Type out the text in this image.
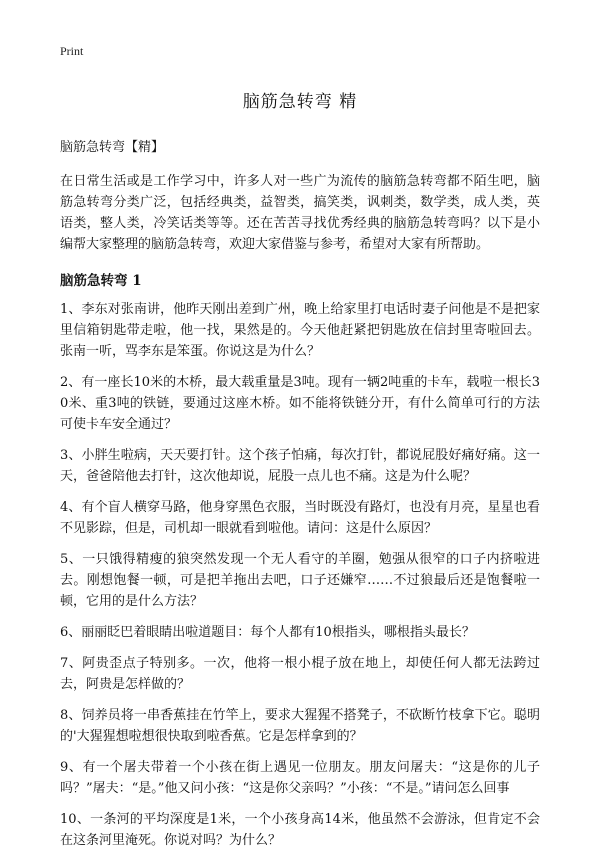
Print
脑筋急转弯 精
脑筋急转弯【精】

在日常生活或是工作学习中，许多人对一些广为流传的脑筋急转弯都不陌生吧，脑筋急转弯分类广泛，包括经典类，益智类，搞笑类，讽刺类，数学类，成人类，英语类，整人类，冷笑话类等等。还在苦苦寻找优秀经典的脑筋急转弯吗？以下是小编帮大家整理的脑筋急转弯，欢迎大家借鉴与参考，希望对大家有所帮助。

脑筋急转弯 1

1、李东对张南讲，他昨天刚出差到广州，晚上给家里打电话时妻子问他是不是把家里信箱钥匙带走啦，他一找，果然是的。今天他赶紧把钥匙放在信封里寄啦回去。张南一听，骂李东是笨蛋。你说这是为什么？

2、有一座长10米的木桥，最大载重量是3吨。现有一辆2吨重的卡车，载啦一根长30米、重3吨的铁链，要通过这座木桥。如不能将铁链分开，有什么简单可行的方法可使卡车安全通过？

3、小胖生啦病，天天要打针。这个孩子怕痛，每次打针，都说屁股好痛好痛。这一天，爸爸陪他去打针，这次他却说，屁股一点儿也不痛。这是为什么呢？

4、有个盲人横穿马路，他身穿黑色衣服，当时既没有路灯，也没有月亮，星星也看不见影踪，但是，司机却一眼就看到啦他。请问：这是什么原因？

5、一只饿得精瘦的狼突然发现一个无人看守的羊圈，勉强从很窄的口子内挤啦进去。刚想饱餐一顿，可是把羊拖出去吧，口子还嫌窄……不过狼最后还是饱餐啦一顿，它用的是什么方法？

6、丽丽眨巴着眼睛出啦道题目：每个人都有10根指头，哪根指头最长？

7、阿贵歪点子特别多。一次，他将一根小棍子放在地上，却使任何人都无法跨过去，阿贵是怎样做的？

8、饲养员将一串香蕉挂在竹竿上，要求大猩猩不搭凳子，不砍断竹枝拿下它。聪明的'大猩猩想啦想很快取到啦香蕉。它是怎样拿到的？

9、有一个屠夫带着一个小孩在街上遇见一位朋友。朋友问屠夫：“这是你的儿子吗？”屠夫：“是。”他又问小孩：“这是你父亲吗？”小孩：“不是。”请问怎么回事

10、一条河的平均深度是1米，一个小孩身高14米，他虽然不会游泳，但肯定不会在这条河里淹死。你说对吗？为什么？
